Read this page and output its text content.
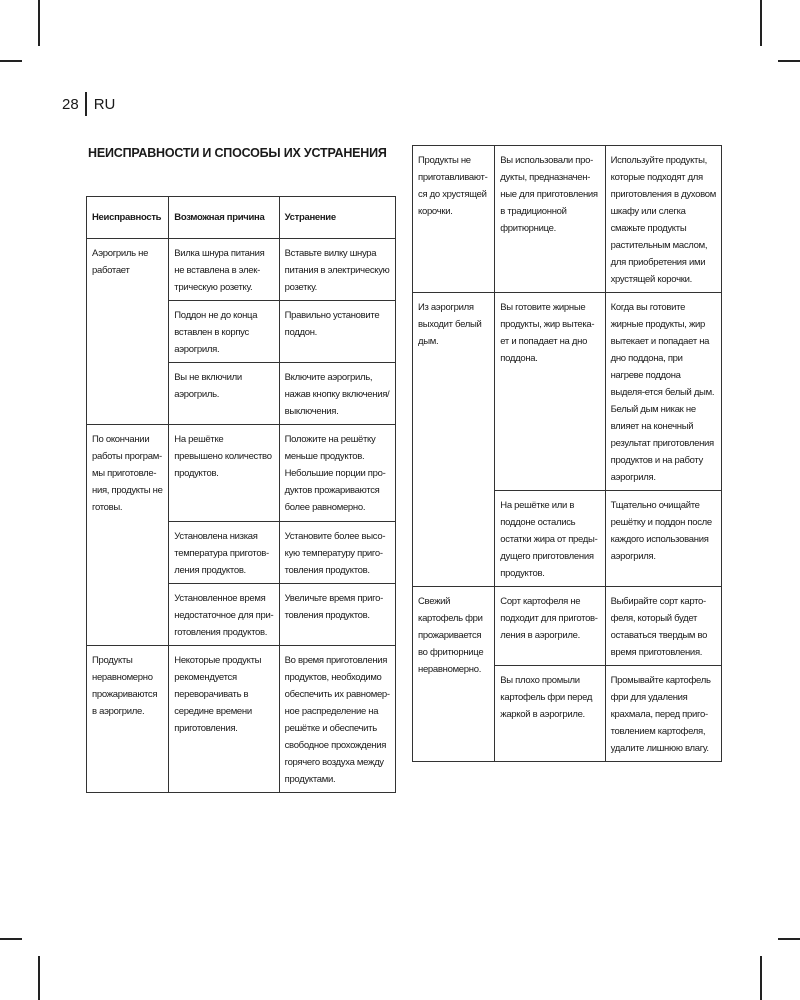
28	RU
НЕИСПРАВНОСТИ И СПОСОБЫ ИХ УСТРАНЕНИЯ
Неисправность	Возможная причина	Устранение
Аэрогриль не работает	Вилка шнура питания не вставлена в элек-трическую розетку.	Вставьте вилку шнура питания в электрическую розетку.
	Поддон не до конца вставлен в корпус аэрогриля.	Правильно установите поддон.
	Вы не включили аэрогриль.	Включите аэрогриль, нажав кнопку включения/выключения.
По окончании работы програм-мы приготовле-ния, продукты не готовы.	На решётке превышено количество продуктов.	Положите на решётку меньше продуктов. Небольшие порции про-дуктов прожариваются более равномерно.
	Установлена низкая температура приготов-ления продуктов.	Установите более высо-кую температуру приго-товления продуктов.
	Установленное время недостаточное для при-готовления продуктов.	Увеличьте время приго-товления продуктов.
Продукты неравномерно прожариваются в аэрогриле.	Некоторые продукты рекомендуется переворачивать в середине времени приготовления.	Во время приготовления продуктов, необходимо обеспечить их равномер-ное распределение на решётке и обеспечить свободное прохождения горячего воздуха между продуктами.
Продукты не приготавливают-ся до хрустящей корочки.	Вы использовали про-дукты, предназначен-ные для приготовления в традиционной фритюрнице.	Используйте продукты, которые подходят для приготовления в духовом шкафу или слегка смажьте продукты растительным маслом, для приобретения ими хрустящей корочки.
Из аэрогриля выходит белый дым.	Вы готовите жирные продукты, жир вытека-ет и попадает на дно поддона.	Когда вы готовите жирные продукты, жир вытекает и попадает на дно поддона, при нагреве поддона выделя-ется белый дым. Белый дым никак не влияет на конечный результат приготовления продуктов и на работу аэрогриля.
	На решётке или в поддоне остались остатки жира от преды-дущего приготовления продуктов.	Тщательно очищайте решётку и поддон после каждого использования аэрогриля.
Свежий картофель фри прожаривается во фритюрнице неравномерно.	Сорт картофеля не подходит для приготов-ления в аэрогриле.	Выбирайте сорт карто-феля, который будет оставаться твердым во время приготовления.
	Вы плохо промыли картофель фри перед жаркой в аэрогриле.	Промывайте картофель фри для удаления крахмала, перед приго-товлением картофеля, удалите лишнюю влагу.
